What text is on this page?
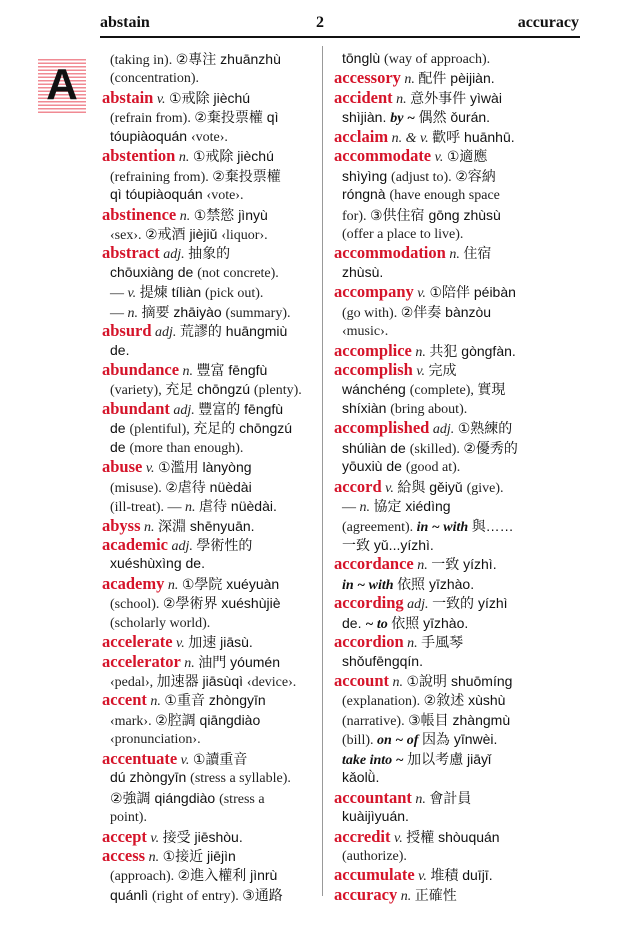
abstain	2	accuracy
A	(taking in). ②專注 zhuānzhù
(concentration).
abstain v. ①戒除 jièchú
(refrain from). ②棄投票權 qì
tóupiàoquán ‹vote›.
abstention n. ①戒除 jièchú
(refraining from). ②棄投票權
qì tóupiàoquán ‹vote›.
abstinence n. ①禁慾 jìnyù
‹sex›. ②戒酒 jièjiǔ ‹liquor›.
abstract adj. 抽象的
chōuxiàng de (not concrete).
— v. 提煉 tíliàn (pick out).
— n. 摘要 zhāiyào (summary).
absurd adj. 荒謬的 huāngmiù
de.
abundance n. 豐富 fēngfù
(variety), 充足 chōngzú (plenty).
abundant adj. 豐富的 fēngfù
de (plentiful), 充足的 chōngzú
de (more than enough).
abuse v. ①濫用 lànyòng
(misuse). ②虐待 nüèdài
(ill-treat). — n. 虐待 nüèdài.
abyss n. 深淵 shēnyuān.
academic adj. 學術性的
xuéshùxìng de.
academy n. ①學院 xuéyuàn
(school). ②學術界 xuéshùjiè
(scholarly world).
accelerate v. 加速 jiāsù.
accelerator n. 油門 yóumén
‹pedal›, 加速器 jiāsùqì ‹device›.
accent n. ①重音 zhòngyīn
‹mark›. ②腔調 qiāngdiào
‹pronunciation›.
accentuate v. ①讀重音
dú zhòngyīn (stress a syllable).
②強調 qiángdiào (stress a
point).
accept v. 接受 jiēshòu.
access n. ①接近 jiējìn
(approach). ②進入權利 jìnrù
quánlì (right of entry). ③通路
tōnglù (way of approach).
accessory n. 配件 pèijiàn.
accident n. 意外事件 yìwài
shìjiàn. by ~ 偶然 ǒurán.
acclaim n. & v. 歡呼 huānhū.
accommodate v. ①適應
shìyìng (adjust to). ②容納
róngnà (have enough space
for). ③供住宿 gōng zhùsù
(offer a place to live).
accommodation n. 住宿
zhùsù.
accompany v. ①陪伴 péibàn
(go with). ②伴奏 bànzòu
‹music›.
accomplice n. 共犯 gòngfàn.
accomplish v. 完成
wánchéng (complete), 實現
shíxiàn (bring about).
accomplished adj. ①熟練的
shúliàn de (skilled). ②優秀的
yōuxiù de (good at).
accord v. 給與 gěiyǔ (give).
— n. 協定 xiédìng
(agreement). in ~ with 與……
一致 yǔ...yízhì.
accordance n. 一致 yízhì.
in ~ with 依照 yīzhào.
according adj. 一致的 yízhì
de. ~ to 依照 yīzhào.
accordion n. 手風琴
shǒufēngqín.
account n. ①說明 shuōmíng
(explanation). ②敘述 xùshù
(narrative). ③帳目 zhàngmù
(bill). on ~ of 因為 yīnwèi.
take into ~ 加以考慮 jiāyǐ
kǎolǜ.
accountant n. 會計員
kuàijìyuán.
accredit v. 授權 shòuquán
(authorize).
accumulate v. 堆積 duījī.
accuracy n. 正確性
